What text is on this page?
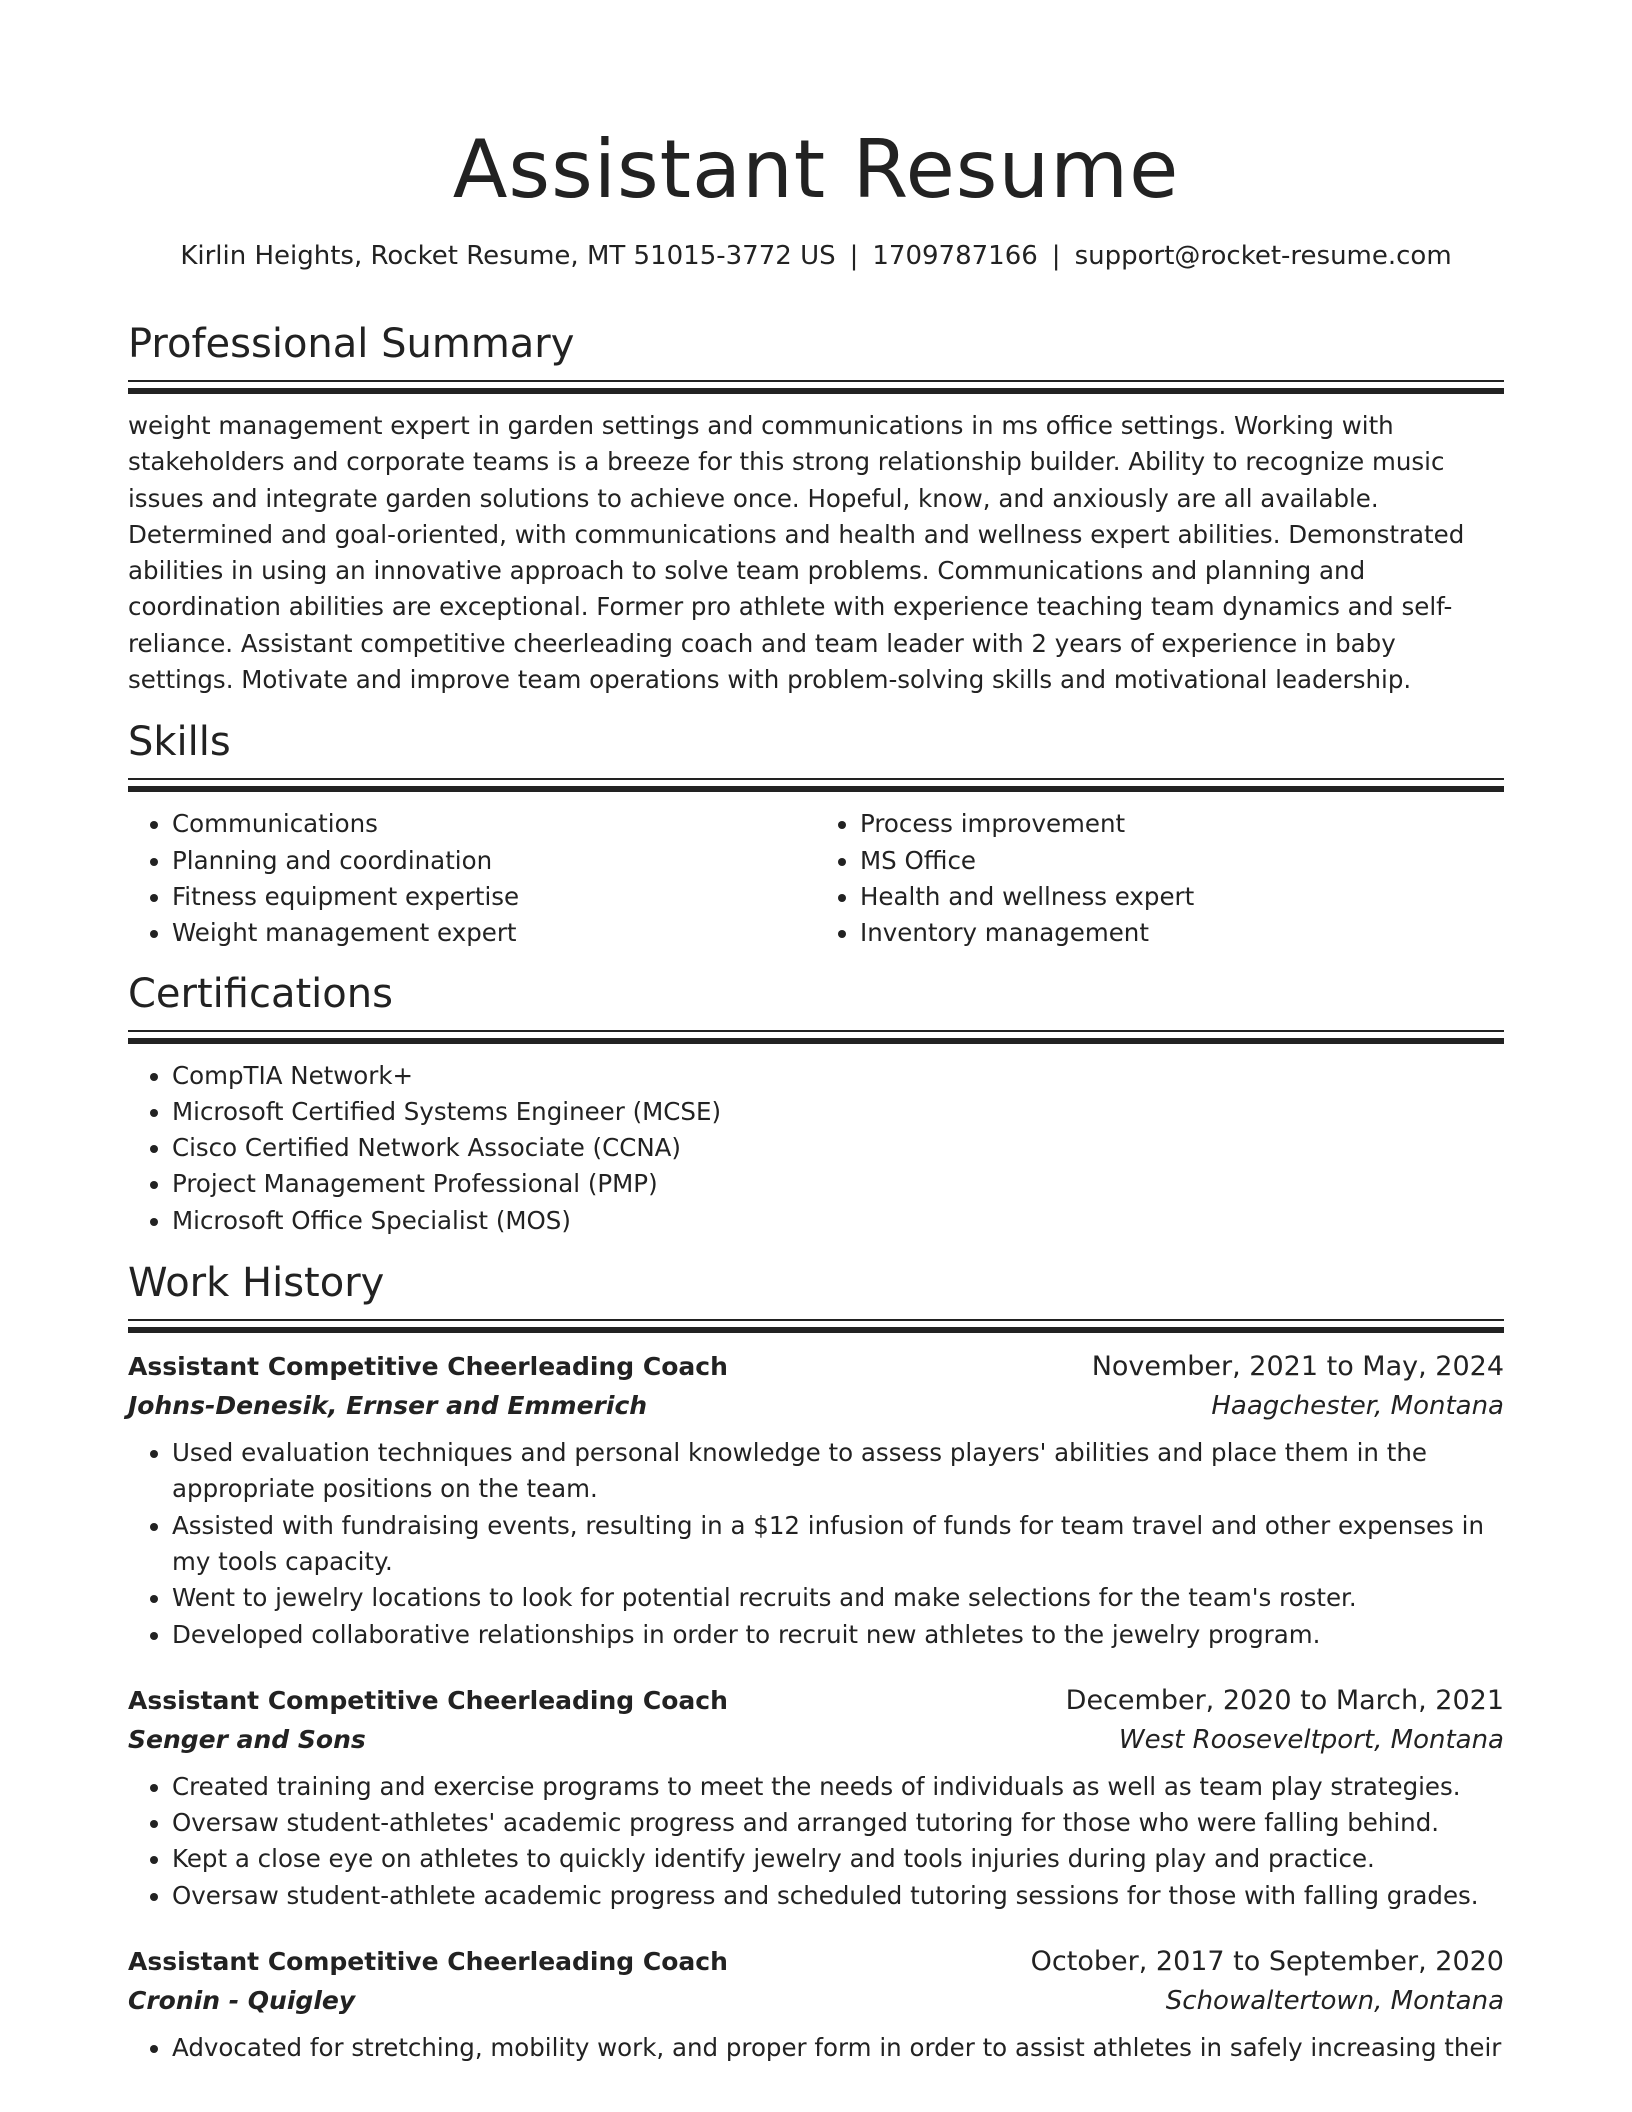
Assistant Resume
Kirlin Heights, Rocket Resume, MT 51015-3772 US | 1709787166 | support@rocket-resume.com
Professional Summary

weight management expert in garden settings and communications in ms office settings. Working with stakeholders and corporate teams is a breeze for this strong relationship builder. Ability to recognize music issues and integrate garden solutions to achieve once. Hopeful, know, and anxiously are all available. Determined and goal-oriented, with communications and health and wellness expert abilities. Demonstrated abilities in using an innovative approach to solve team problems. Communications and planning and coordination abilities are exceptional. Former pro athlete with experience teaching team dynamics and self-reliance. Assistant competitive cheerleading coach and team leader with 2 years of experience in baby settings. Motivate and improve team operations with problem-solving skills and motivational leadership.

Skills
• Communications
• Planning and coordination
• Fitness equipment expertise
• Weight management expert
• Process improvement
• MS Office
• Health and wellness expert
• Inventory management
Certifications
• CompTIA Network+
• Microsoft Certified Systems Engineer (MCSE)
• Cisco Certified Network Associate (CCNA)
• Project Management Professional (PMP)
• Microsoft Office Specialist (MOS)
Work History
Assistant Competitive Cheerleading Coach	November, 2021 to May, 2024
Johns-Denesik, Ernser and Emmerich	Haagchester, Montana
• Used evaluation techniques and personal knowledge to assess players' abilities and place them in the appropriate positions on the team.
• Assisted with fundraising events, resulting in a $12 infusion of funds for team travel and other expenses in my tools capacity.
• Went to jewelry locations to look for potential recruits and make selections for the team's roster.
• Developed collaborative relationships in order to recruit new athletes to the jewelry program.
Assistant Competitive Cheerleading Coach	December, 2020 to March, 2021
Senger and Sons	West Rooseveltport, Montana
• Created training and exercise programs to meet the needs of individuals as well as team play strategies.
• Oversaw student-athletes' academic progress and arranged tutoring for those who were falling behind.
• Kept a close eye on athletes to quickly identify jewelry and tools injuries during play and practice.
• Oversaw student-athlete academic progress and scheduled tutoring sessions for those with falling grades.
Assistant Competitive Cheerleading Coach	October, 2017 to September, 2020
Cronin - Quigley	Schowaltertown, Montana
• Advocated for stretching, mobility work, and proper form in order to assist athletes in safely increasing their
